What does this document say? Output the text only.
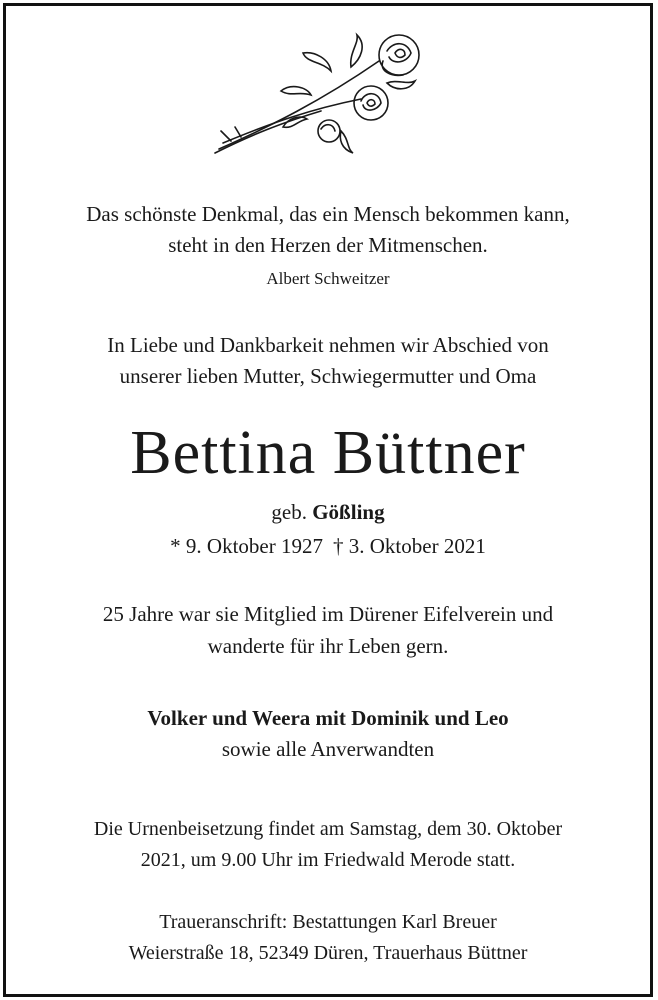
Das schönste Denkmal, das ein Mensch bekommen kann,
steht in den Herzen der Mitmenschen.
Albert Schweitzer
In Liebe und Dankbarkeit nehmen wir Abschied von
unserer lieben Mutter, Schwiegermutter und Oma
Bettina Büttner
geb. Gößling
* 9. Oktober 1927 † 3. Oktober 2021
25 Jahre war sie Mitglied im Dürener Eifelverein und
wanderte für ihr Leben gern.
Volker und Weera mit Dominik und Leo
sowie alle Anverwandten
Die Urnenbeisetzung findet am Samstag, dem 30. Oktober
2021, um 9.00 Uhr im Friedwald Merode statt.
Traueranschrift: Bestattungen Karl Breuer
Weierstraße 18, 52349 Düren, Trauerhaus Büttner
